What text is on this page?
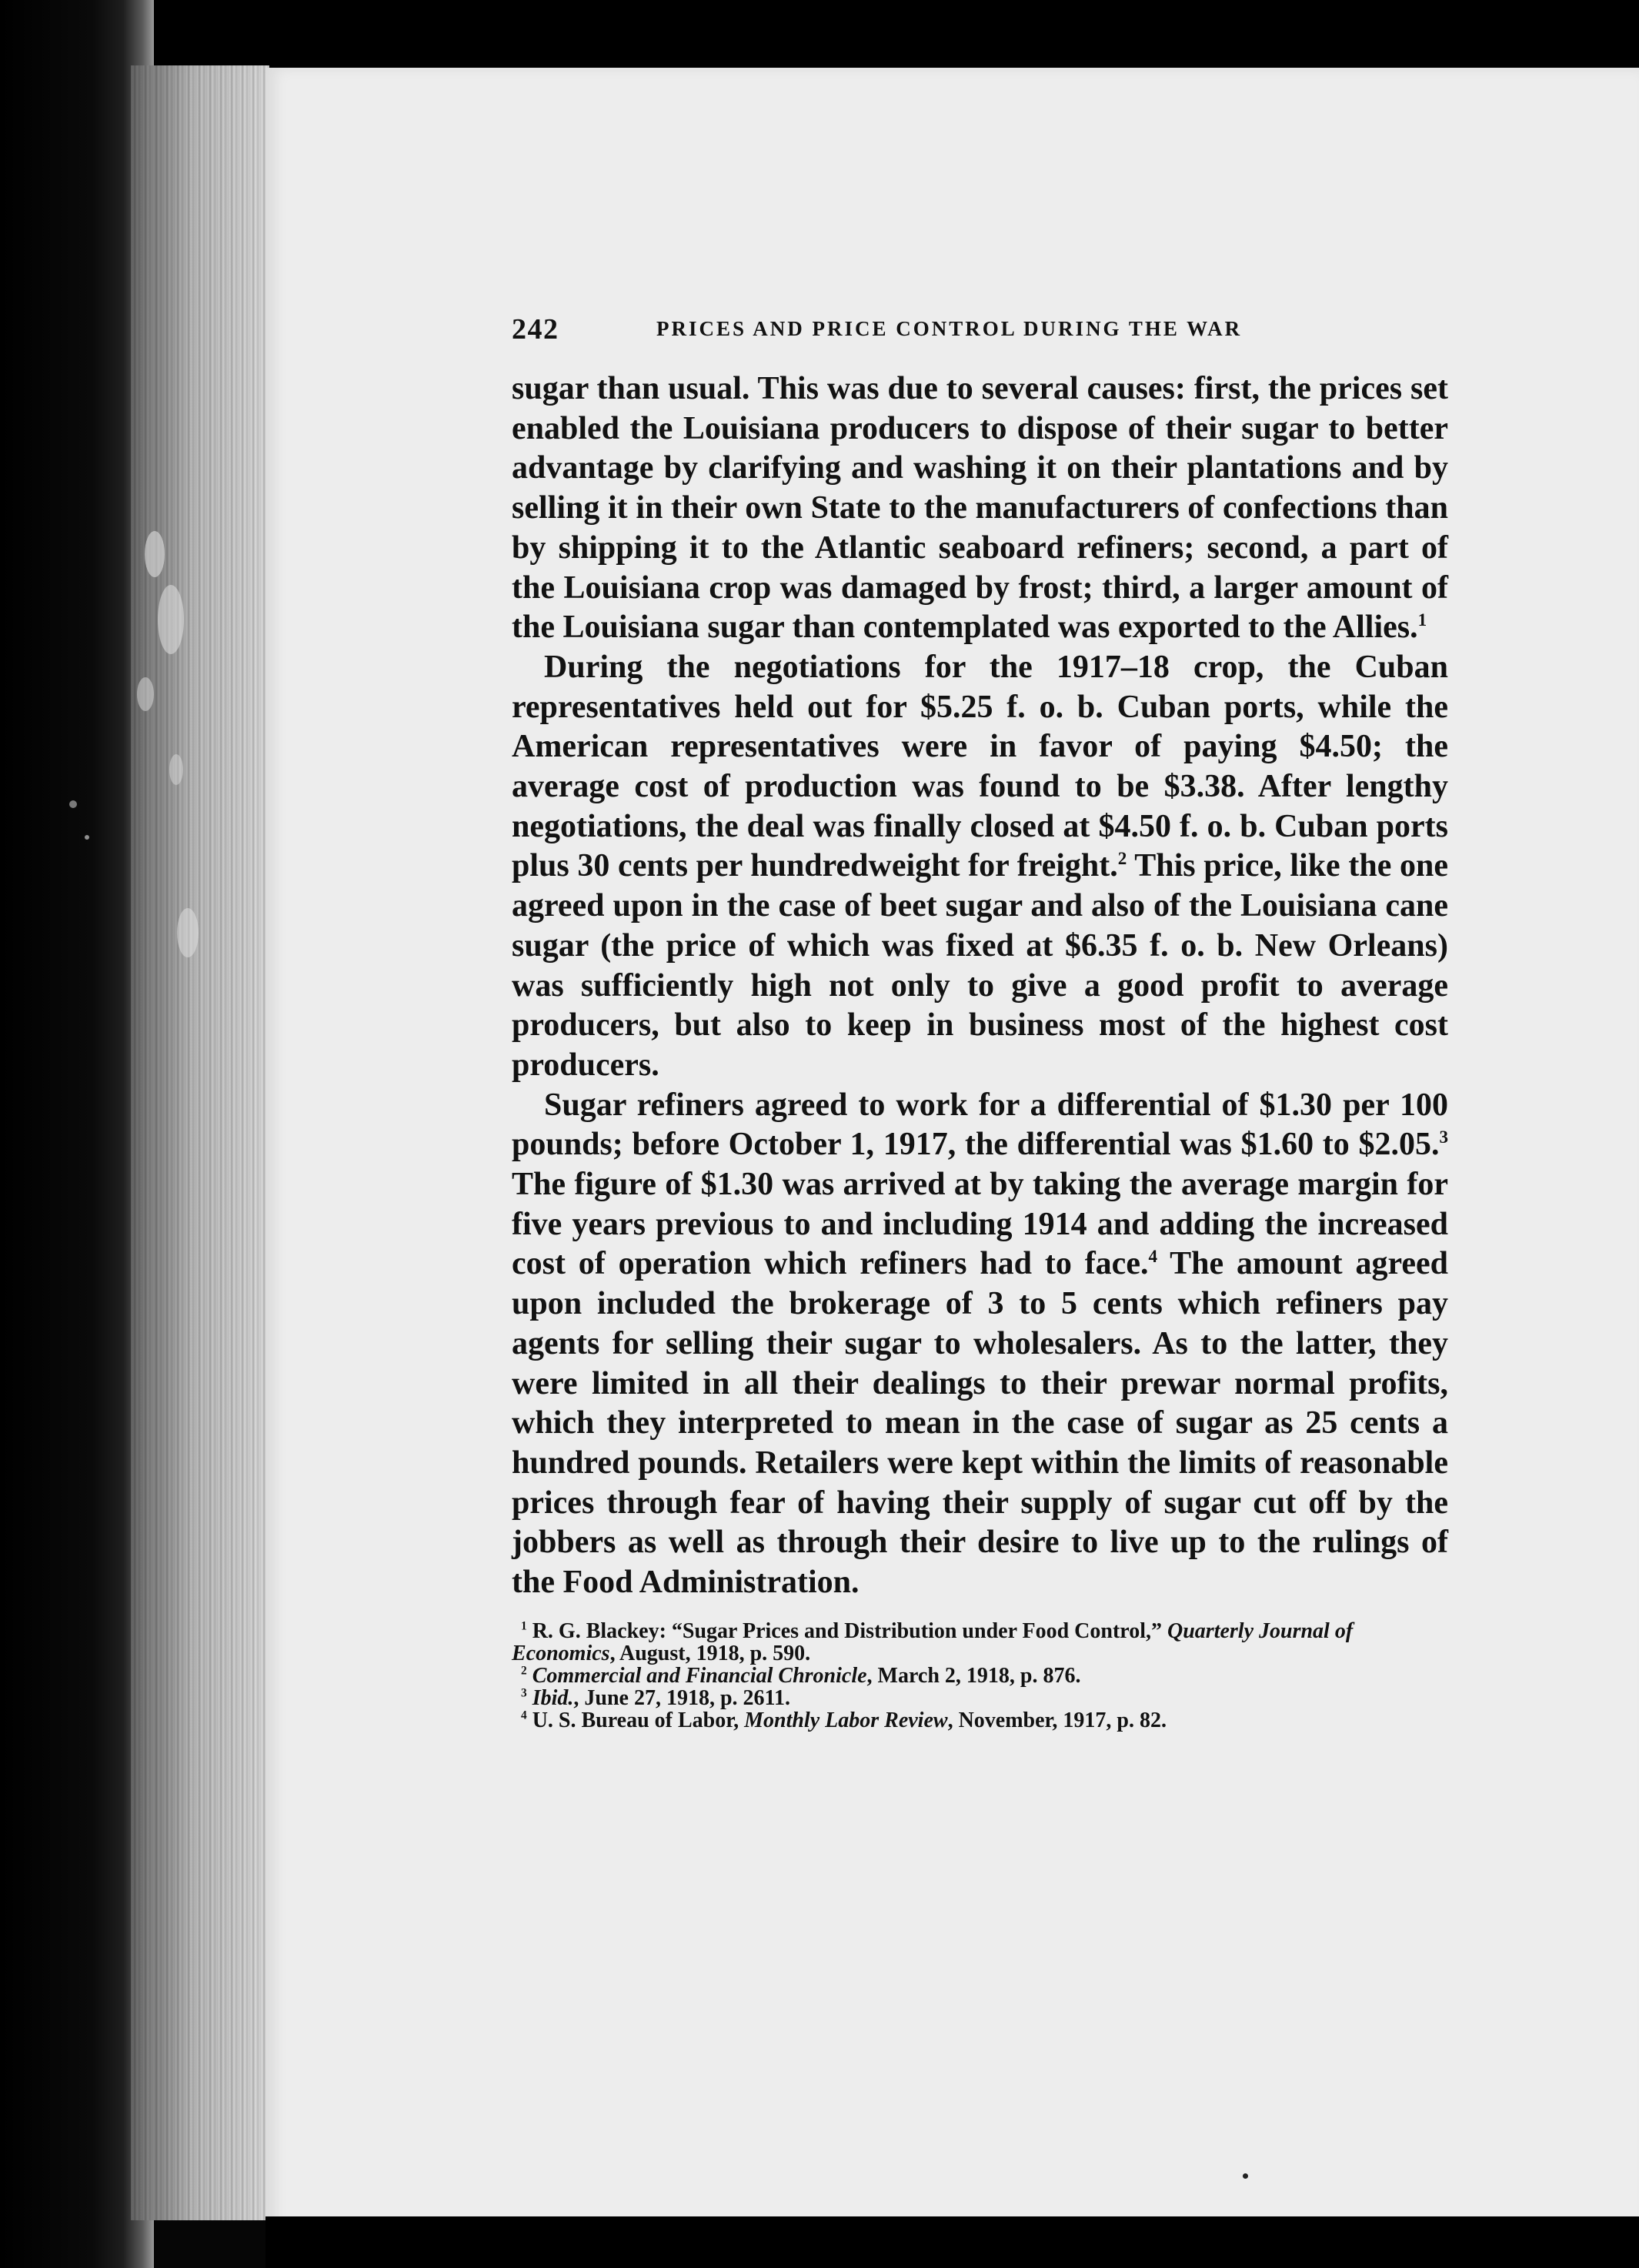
242	PRICES AND PRICE CONTROL DURING THE WAR

sugar than usual. This was due to several causes: first, the prices set enabled the Louisiana producers to dispose of their sugar to better advantage by clarifying and washing it on their plantations and by selling it in their own State to the manufacturers of confections than by shipping it to the Atlantic seaboard refiners; second, a part of the Louisiana crop was damaged by frost; third, a larger amount of the Louisiana sugar than contemplated was exported to the Allies.$^1$

During the negotiations for the 1917–18 crop, the Cuban representatives held out for $5.25 f. o. b. Cuban ports, while the American representatives were in favor of paying $4.50; the average cost of production was found to be $3.38. After lengthy negotiations, the deal was finally closed at $4.50 f. o. b. Cuban ports plus 30 cents per hundredweight for freight.$^2$ This price, like the one agreed upon in the case of beet sugar and also of the Louisiana cane sugar (the price of which was fixed at $6.35 f. o. b. New Orleans) was sufficiently high not only to give a good profit to average producers, but also to keep in business most of the highest cost producers.

Sugar refiners agreed to work for a differential of $1.30 per 100 pounds; before October 1, 1917, the differential was $1.60 to $2.05.$^3$ The figure of $1.30 was arrived at by taking the average margin for five years previous to and including 1914 and adding the increased cost of operation which refiners had to face.$^4$ The amount agreed upon included the brokerage of 3 to 5 cents which refiners pay agents for selling their sugar to wholesalers. As to the latter, they were limited in all their dealings to their prewar normal profits, which they interpreted to mean in the case of sugar as 25 cents a hundred pounds. Retailers were kept within the limits of reasonable prices through fear of having their supply of sugar cut off by the jobbers as well as through their desire to live up to the rulings of the Food Administration.

$^1$ R. G. Blackey: “Sugar Prices and Distribution under Food Control,” Quarterly Journal of Economics, August, 1918, p. 590.

$^2$ Commercial and Financial Chronicle, March 2, 1918, p. 876.

$^3$ Ibid., June 27, 1918, p. 2611.

$^4$ U. S. Bureau of Labor, Monthly Labor Review, November, 1917, p. 82.
